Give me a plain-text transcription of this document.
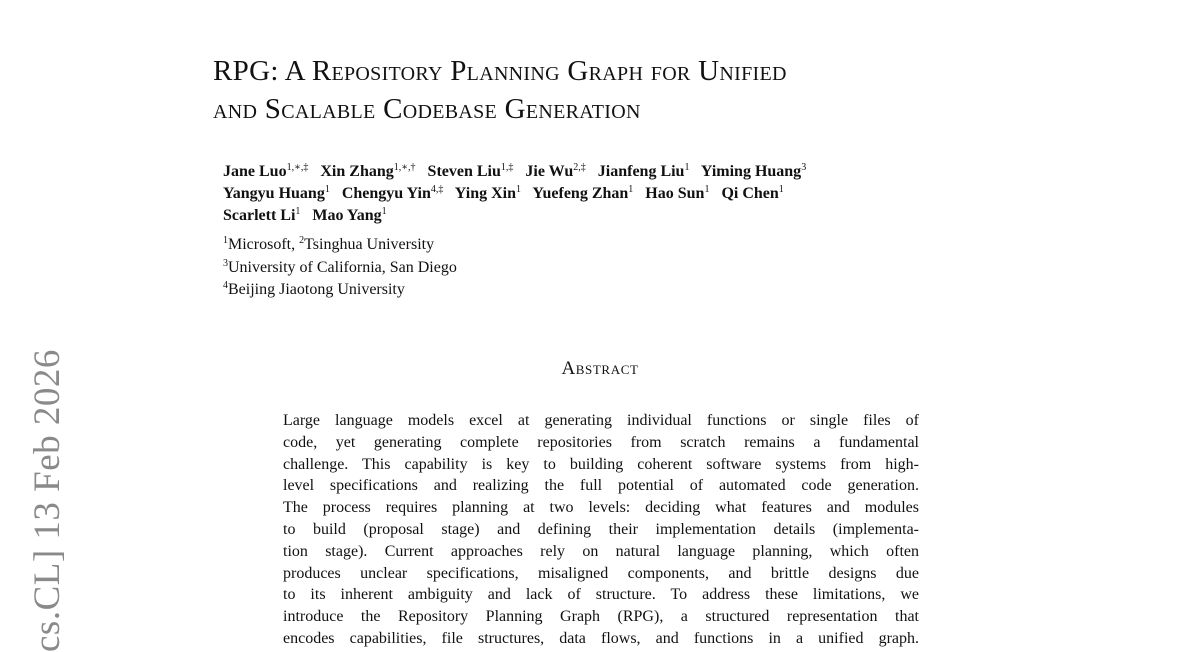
cs.CL] 13 Feb 2026
RPG: A Repository Planning Graph for Unified
and Scalable Codebase Generation
Jane Luo$^{1,∗,\ddagger}$ Xin Zhang$^{1,∗,\dagger}$ Steven Liu$^{1,\ddagger}$ Jie $Wu^{2,\ddagger}$ Jianfeng Liu$^1$ Yiming Huang$^3$
Yangyu Huang$^1$ Chengyu Yin$^{4,\ddagger}$ Ying Xin$^1$ Yuefeng Zhan$^1$ Hao Sun$^1$ Qi Chen$^1$
Scarlett Li$^1$ Mao Yang$^1$
$^1$Microsoft, $^2$Tsinghua University
$^3$University of California, San Diego
$^4$Beijing Jiaotong University
Abstract
Large language models excel at generating individual functions or single files of
code, yet generating complete repositories from scratch remains a fundamental
challenge. This capability is key to building coherent software systems from high-
level specifications and realizing the full potential of automated code generation.
The process requires planning at two levels: deciding what features and modules
to build (proposal stage) and defining their implementation details (implementa-
tion stage). Current approaches rely on natural language planning, which often
produces unclear specifications, misaligned components, and brittle designs due
to its inherent ambiguity and lack of structure. To address these limitations, we
introduce the Repository Planning Graph (RPG), a structured representation that
encodes capabilities, file structures, data flows, and functions in a unified graph.
